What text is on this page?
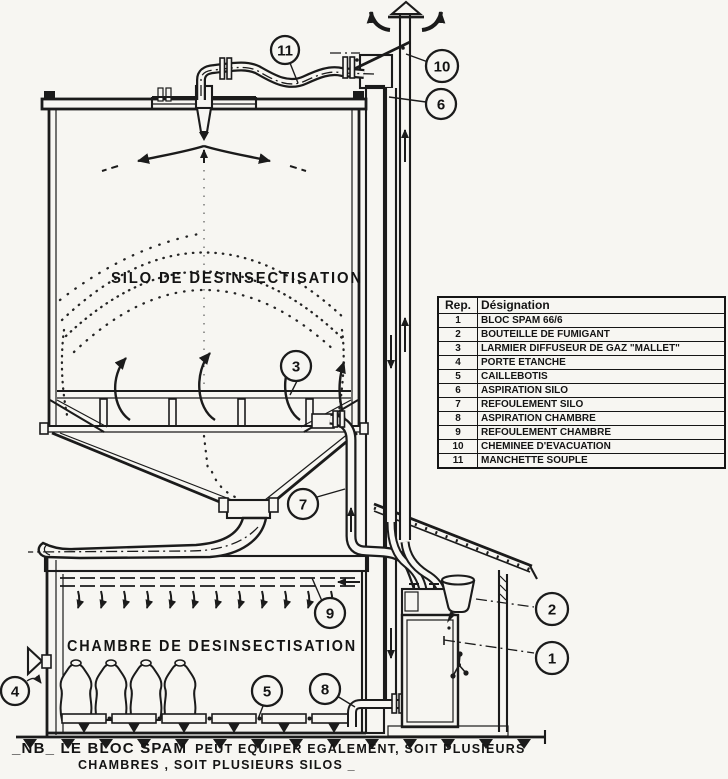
1
2
3
4	5
6
7
8
9
10
11
SILO DE DESINSECTISATION
CHAMBRE DE DESINSECTISATION
_NB_ LE BLOC SPAM PEUT EQUIPER EGALEMENT, SOIT PLUSIEURS
CHAMBRES , SOIT PLUSIEURS SILOS _
Rep.	Désignation
1	BLOC SPAM 66/6
2	BOUTEILLE DE FUMIGANT
3	LARMIER DIFFUSEUR DE GAZ "MALLET"
4	PORTE ETANCHE
5	CAILLEBOTIS
6	ASPIRATION SILO
7	REFOULEMENT SILO
8	ASPIRATION CHAMBRE
9	REFOULEMENT CHAMBRE
10	CHEMINEE D'EVACUATION
11	MANCHETTE SOUPLE
